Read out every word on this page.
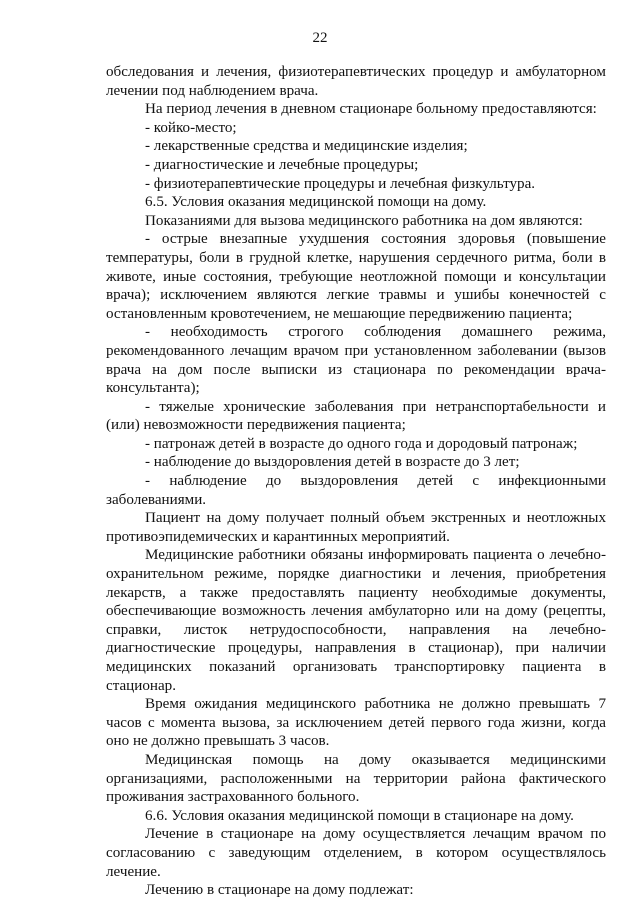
22

обследования и лечения, физиотерапевтических процедур и амбулаторном лечении под наблюдением врача.

На период лечения в дневном стационаре больному предоставляются:

- койко-место;

- лекарственные средства и медицинские изделия;

- диагностические и лечебные процедуры;

- физиотерапевтические процедуры и лечебная физкультура.

6.5. Условия оказания медицинской помощи на дому.

Показаниями для вызова медицинского работника на дом являются:

- острые внезапные ухудшения состояния здоровья (повышение температуры, боли в грудной клетке, нарушения сердечного ритма, боли в животе, иные состояния, требующие неотложной помощи и консультации врача); исключением являются легкие травмы и ушибы конечностей с остановленным кровотечением, не мешающие передвижению пациента;

- необходимость строгого соблюдения домашнего режима, рекомендованного лечащим врачом при установленном заболевании (вызов врача на дом после выписки из стационара по рекомендации врача-консультанта);

- тяжелые хронические заболевания при нетранспортабельности и (или) невозможности передвижения пациента;

- патронаж детей в возрасте до одного года и дородовый патронаж;

- наблюдение до выздоровления детей в возрасте до 3 лет;

- наблюдение до выздоровления детей с инфекционными заболеваниями.

Пациент на дому получает полный объем экстренных и неотложных противоэпидемических и карантинных мероприятий.

Медицинские работники обязаны информировать пациента о лечебно-охранительном режиме, порядке диагностики и лечения, приобретения лекарств, а также предоставлять пациенту необходимые документы, обеспечивающие возможность лечения амбулаторно или на дому (рецепты, справки, листок нетрудоспособности, направления на лечебно-диагностические процедуры, направления в стационар), при наличии медицинских показаний организовать транспортировку пациента в стационар.

Время ожидания медицинского работника не должно превышать 7 часов с момента вызова, за исключением детей первого года жизни, когда оно не должно превышать 3 часов.

Медицинская помощь на дому оказывается медицинскими организациями, расположенными на территории района фактического проживания застрахованного больного.

6.6. Условия оказания медицинской помощи в стационаре на дому.

Лечение в стационаре на дому осуществляется лечащим врачом по согласованию с заведующим отделением, в котором осуществлялось лечение.

Лечению в стационаре на дому подлежат:
